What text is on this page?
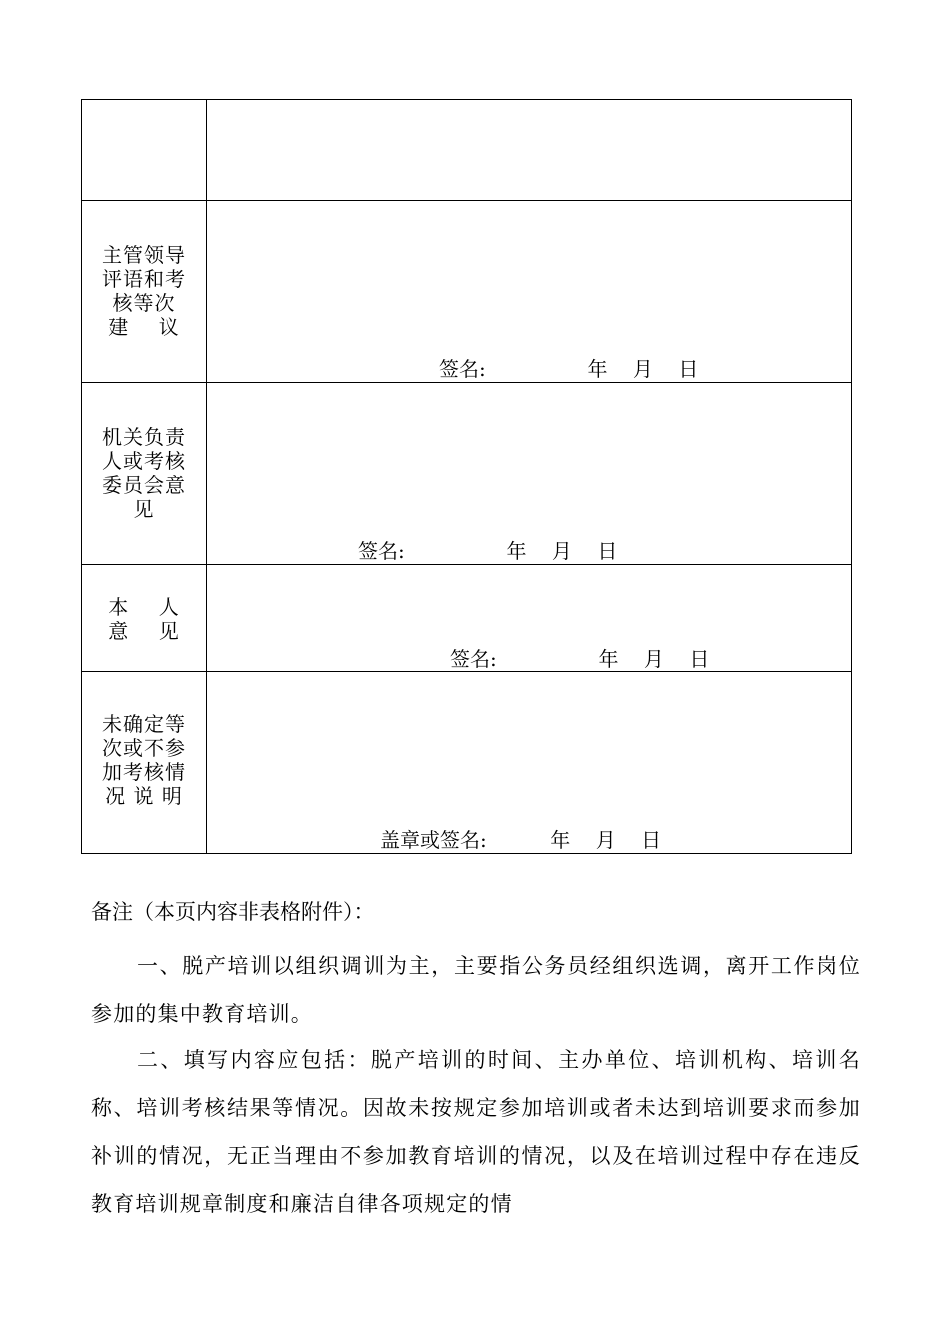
主管领导
评语和考
核等次
建    议
签名:                年    月    日
机关负责
人或考核
委员会意
见
签名:                年    月    日
本    人
意    见
签名:                年    月    日
未确定等
次或不参
加考核情
况 说 明
盖章或签名:          年    月    日
备注（本页内容非表格附件）：
一、脱产培训以组织调训为主，主要指公务员经组织选调，离开工作岗位参加的集中教育培训。
二、填写内容应包括：脱产培训的时间、主办单位、培训机构、培训名称、培训考核结果等情况。因故未按规定参加培训或者未达到培训要求而参加补训的情况，无正当理由不参加教育培训的情况，以及在培训过程中存在违反教育培训规章制度和廉洁自律各项规定的情
